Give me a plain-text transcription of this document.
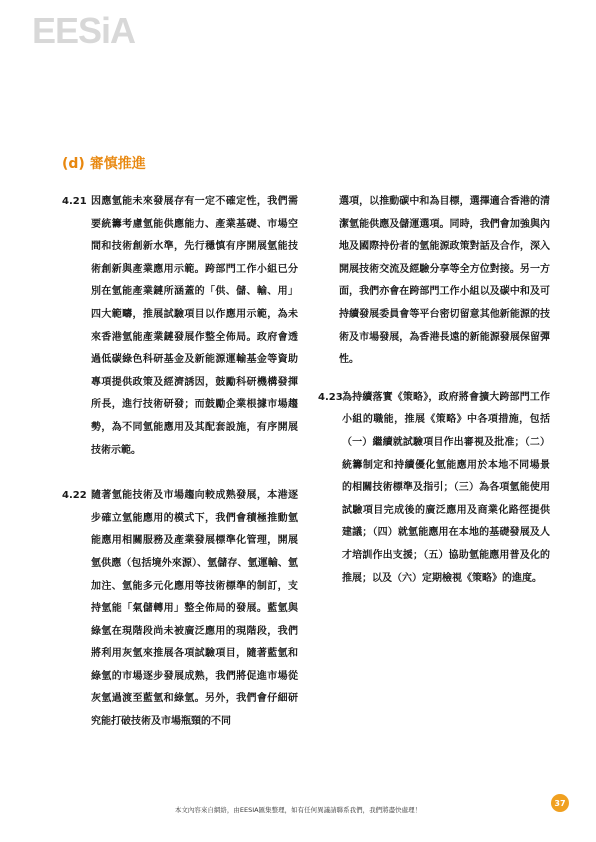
EESiA
(d) 審慎推進
4.21 因應氫能未來發展存有一定不確定性，我們需要統籌考慮氫能供應能力、產業基礎、市場空間和技術創新水準，先行穩慎有序開展氫能技術創新與產業應用示範。跨部門工作小組已分別在氫能產業鏈所涵蓋的「供、儲、輸、用」四大範疇，推展試驗項目以作應用示範，為未來香港氫能產業鏈發展作整全佈局。政府會透過低碳綠色科研基金及新能源運輸基金等資助專項提供政策及經濟誘因，鼓勵科研機構發揮所長，進行技術研發；而鼓勵企業根據市場趨勢，為不同氫能應用及其配套設施，有序開展技術示範。
4.22 隨著氫能技術及市場趨向較成熟發展，本港逐步確立氫能應用的模式下，我們會積極推動氫能應用相關服務及產業發展標準化管理，開展氫供應（包括境外來源）、氫儲存、氫運輸、氫加注、氫能多元化應用等技術標準的制訂，支持氫能「氣儲轉用」整全佈局的發展。藍氫與綠氫在現階段尚未被廣泛應用的現階段，我們將利用灰氫來推展各項試驗項目，隨著藍氫和綠氫的市場逐步發展成熟，我們將促進市場從灰氫過渡至藍氫和綠氫。另外，我們會仔細研究能打破技術及市場瓶頸的不同
選項，以推動碳中和為目標，選擇適合香港的清潔氫能供應及儲運選項。同時，我們會加強與內地及國際持份者的氫能源政策對話及合作，深入開展技術交流及經驗分享等全方位對接。另一方面，我們亦會在跨部門工作小組以及碳中和及可持續發展委員會等平台密切留意其他新能源的技術及市場發展，為香港長遠的新能源發展保留彈性。
4.23 為持續落實《策略》，政府將會擴大跨部門工作小組的職能，推展《策略》中各項措施，包括（一）繼續就試驗項目作出審視及批准；（二）統籌制定和持續優化氫能應用於本地不同場景的相關技術標準及指引；（三）為各項氫能使用試驗項目完成後的廣泛應用及商業化路徑提供建議；（四）就氫能應用在本地的基礎發展及人才培訓作出支援；（五）協助氫能應用普及化的推展；以及（六）定期檢視《策略》的進度。
本文內容來自網絡，由EESIA匯集整理，如有任何異議請聯系我們，我們將盡快處理！
37
